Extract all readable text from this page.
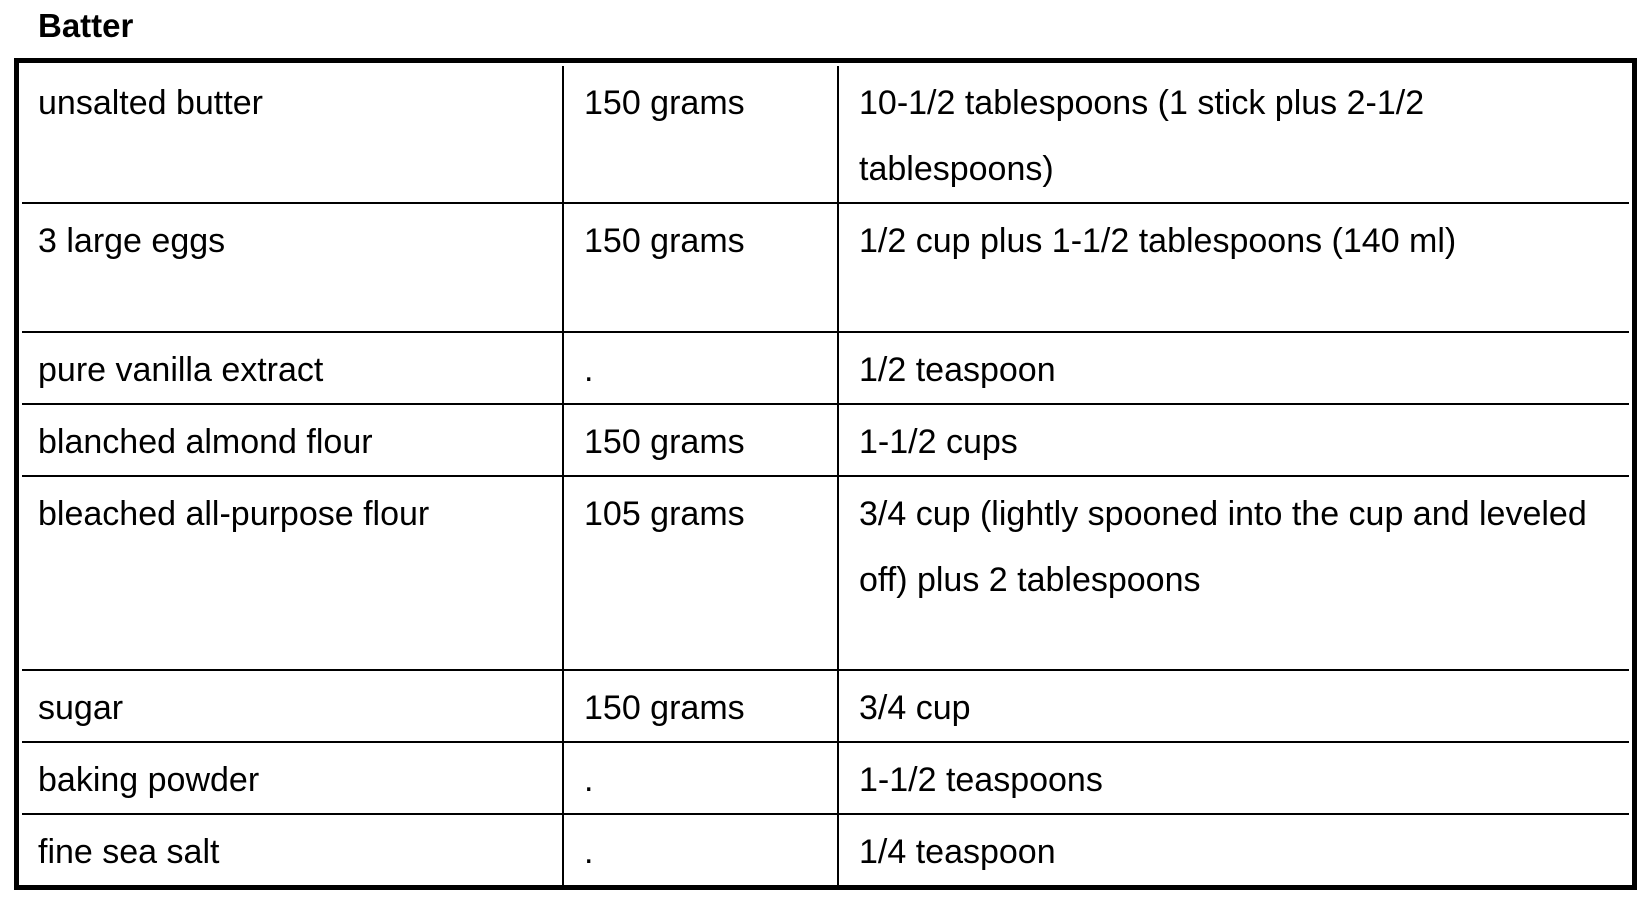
Batter
unsalted butter	150 grams	10-1/2 tablespoons (1 stick plus 2-1/2 tablespoons)
3 large eggs	150 grams	1/2 cup plus 1-1/2 tablespoons (140 ml)
pure vanilla extract	.	1/2 teaspoon
blanched almond flour	150 grams	1-1/2 cups
bleached all-purpose flour	105 grams	3/4 cup (lightly spooned into the cup and leveled off) plus 2 tablespoons
sugar	150 grams	3/4 cup
baking powder	.	1-1/2 teaspoons
fine sea salt	.	1/4 teaspoon
